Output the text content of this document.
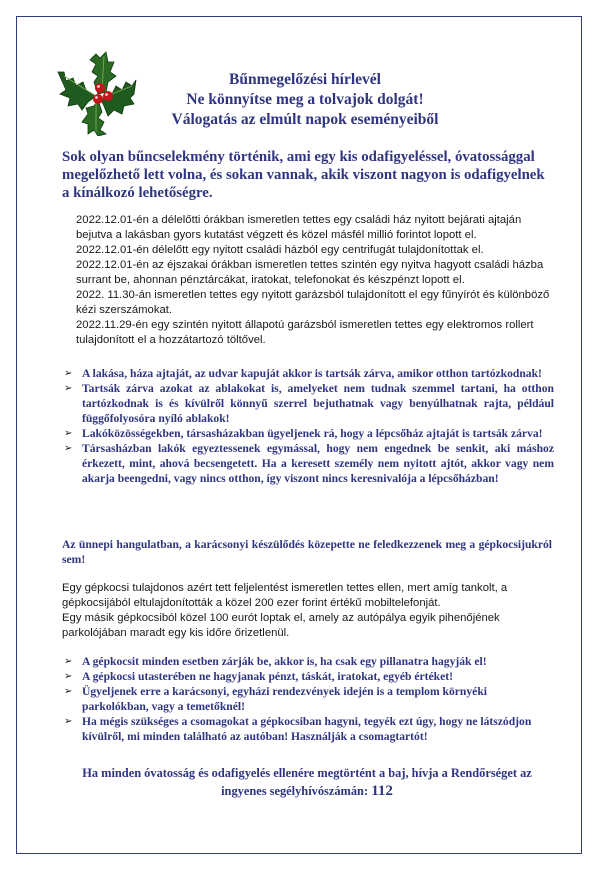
Bűnmegelőzési hírlevél
Ne könnyítse meg a tolvajok dolgát!
Válogatás az elmúlt napok eseményeiből
Sok olyan bűncselekmény történik, ami egy kis odafigyeléssel, óvatossággal megelőzhető lett volna, és sokan vannak, akik viszont nagyon is odafigyelnek a kínálkozó lehetőségre.

2022.12.01-én a délelőtti órákban ismeretlen tettes egy családi ház nyitott bejárati ajtaján bejutva a lakásban gyors kutatást végzett és közel másfél millió forintot lopott el.

2022.12.01-én délelőtt egy nyitott családi házból egy centrifugát tulajdonítottak el.

2022.12.01-én az éjszakai órákban ismeretlen tettes szintén egy nyitva hagyott családi házba surrant be, ahonnan pénztárcákat, iratokat, telefonokat és készpénzt lopott el.

2022. 11.30-án ismeretlen tettes egy nyitott garázsból tulajdonított el egy fűnyírót és különböző kézi szerszámokat.

2022.11.29-én egy szintén nyitott állapotú garázsból ismeretlen tettes egy elektromos rollert tulajdonított el a hozzátartozó töltővel.

➢ A lakása, háza ajtaját, az udvar kapuját akkor is tartsák zárva, amikor otthon tartózkodnak!
➢ Tartsák zárva azokat az ablakokat is, amelyeket nem tudnak szemmel tartani, ha otthon tartózkodnak is és kívülről könnyű szerrel bejuthatnak vagy benyúlhatnak rajta, például függőfolyosóra nyíló ablakok!
➢ Lakóközösségekben, társasházakban ügyeljenek rá, hogy a lépcsőház ajtaját is tartsák zárva!
➢ Társasházban lakók egyeztessenek egymással, hogy nem engednek be senkit, aki máshoz érkezett, mint, ahová becsengetett. Ha a keresett személy nem nyitott ajtót, akkor vagy nem akarja beengedni, vagy nincs otthon, így viszont nincs keresnivalója a lépcsőházban!
Az ünnepi hangulatban, a karácsonyi készülődés közepette ne feledkezzenek meg a gépkocsijukról sem!

Egy gépkocsi tulajdonos azért tett feljelentést ismeretlen tettes ellen, mert amíg tankolt, a gépkocsijából eltulajdonították a közel 200 ezer forint értékű mobiltelefonját.

Egy másik gépkocsiból közel 100 eurót loptak el, amely az autópálya egyik pihenőjének parkolójában maradt egy kis időre őrizetlenül.

➢ A gépkocsit minden esetben zárják be, akkor is, ha csak egy pillanatra hagyják el!
➢ A gépkocsi utasterében ne hagyjanak pénzt, táskát, iratokat, egyéb értéket!
➢ Ügyeljenek erre a karácsonyi, egyházi rendezvények idején is a templom környéki parkolókban, vagy a temetőknél!
➢ Ha mégis szükséges a csomagokat a gépkocsiban hagyni, tegyék ezt úgy, hogy ne látszódjon kívülről, mi minden található az autóban! Használják a csomagtartót!
Ha minden óvatosság és odafigyelés ellenére megtörtént a baj, hívja a Rendőrséget az ingyenes segélyhívószámán: 112
